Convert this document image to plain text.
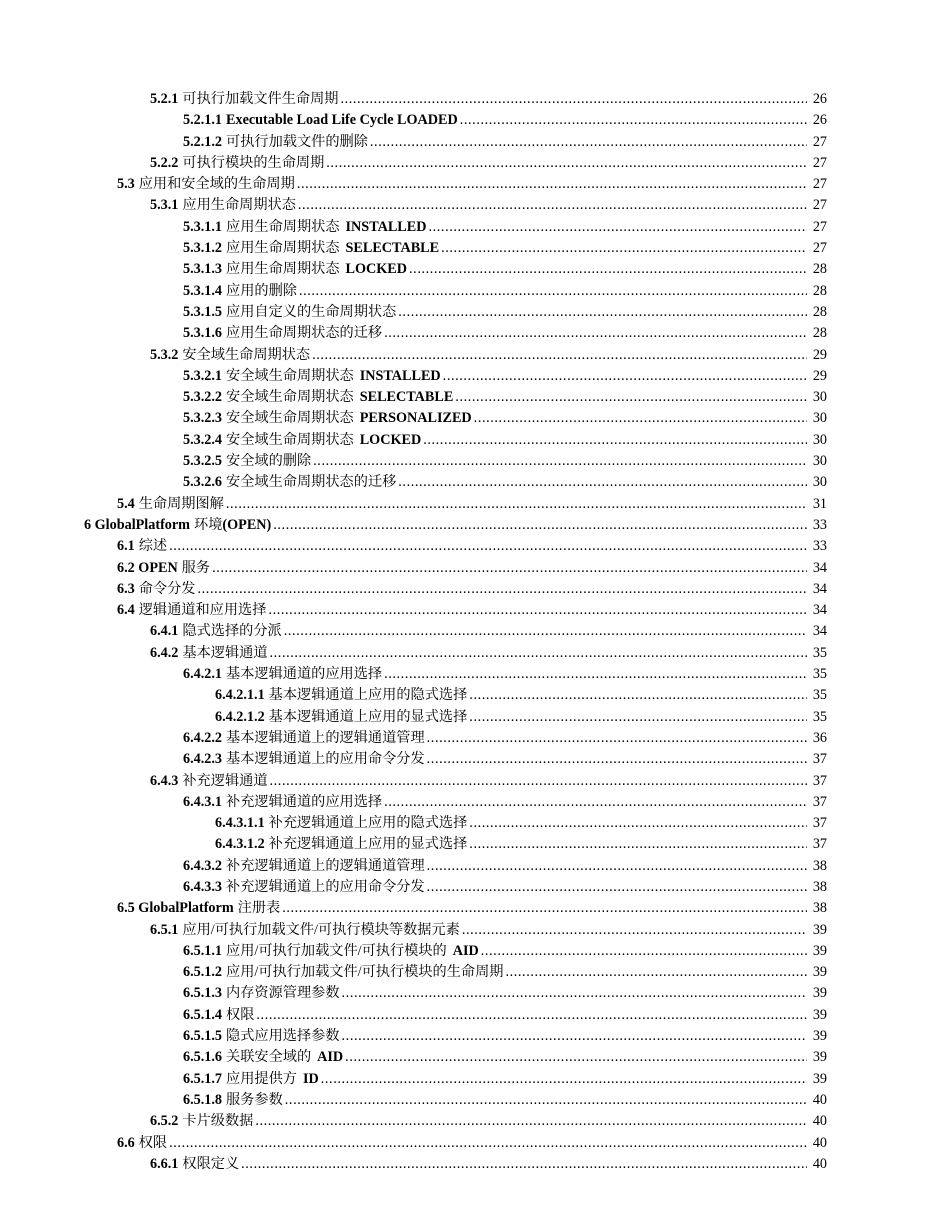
5.2.1 可执行加载文件生命周期 .....	26
5.2.1.1 Executable Load Life Cycle LOADED .....	26
5.2.1.2 可执行加载文件的删除 .....	27
5.2.2 可执行模块的生命周期 .....	27
5.3 应用和安全域的生命周期 .....	27
5.3.1 应用生命周期状态 .....	27
5.3.1.1 应用生命周期状态 INSTALLED .....	27
5.3.1.2 应用生命周期状态 SELECTABLE .....	27
5.3.1.3 应用生命周期状态 LOCKED .....	28
5.3.1.4 应用的删除 .....	28
5.3.1.5 应用自定义的生命周期状态 .....	28
5.3.1.6 应用生命周期状态的迁移 .....	28
5.3.2 安全域生命周期状态 .....	29
5.3.2.1 安全域生命周期状态 INSTALLED .....	29
5.3.2.2 安全域生命周期状态 SELECTABLE .....	30
5.3.2.3 安全域生命周期状态 PERSONALIZED .....	30
5.3.2.4 安全域生命周期状态 LOCKED .....	30
5.3.2.5 安全域的删除 .....	30
5.3.2.6 安全域生命周期状态的迁移 .....	30
5.4 生命周期图解 .....	31
6 GlobalPlatform 环境(OPEN) .....	33
6.1 综述 .....	33
6.2 OPEN 服务 .....	34
6.3 命令分发 .....	34
6.4 逻辑通道和应用选择 .....	34
6.4.1 隐式选择的分派 .....	34
6.4.2 基本逻辑通道 .....	35
6.4.2.1 基本逻辑通道的应用选择 .....	35
6.4.2.1.1 基本逻辑通道上应用的隐式选择 .....	35
6.4.2.1.2 基本逻辑通道上应用的显式选择 .....	35
6.4.2.2 基本逻辑通道上的逻辑通道管理 .....	36
6.4.2.3 基本逻辑通道上的应用命令分发 .....	37
6.4.3 补充逻辑通道 .....	37
6.4.3.1 补充逻辑通道的应用选择 .....	37
6.4.3.1.1 补充逻辑通道上应用的隐式选择 .....	37
6.4.3.1.2 补充逻辑通道上应用的显式选择 .....	37
6.4.3.2 补充逻辑通道上的逻辑通道管理 .....	38
6.4.3.3 补充逻辑通道上的应用命令分发 .....	38
6.5 GlobalPlatform 注册表 .....	38
6.5.1 应用/可执行加载文件/可执行模块等数据元素 .....	39
6.5.1.1 应用/可执行加载文件/可执行模块的 AID .....	39
6.5.1.2 应用/可执行加载文件/可执行模块的生命周期 .....	39
6.5.1.3 内存资源管理参数 .....	39
6.5.1.4 权限 .....	39
6.5.1.5 隐式应用选择参数 .....	39
6.5.1.6 关联安全域的 AID .....	39
6.5.1.7 应用提供方 ID .....	39
6.5.1.8 服务参数 .....	40
6.5.2 卡片级数据 .....	40
6.6 权限 .....	40
6.6.1 权限定义 .....	40
